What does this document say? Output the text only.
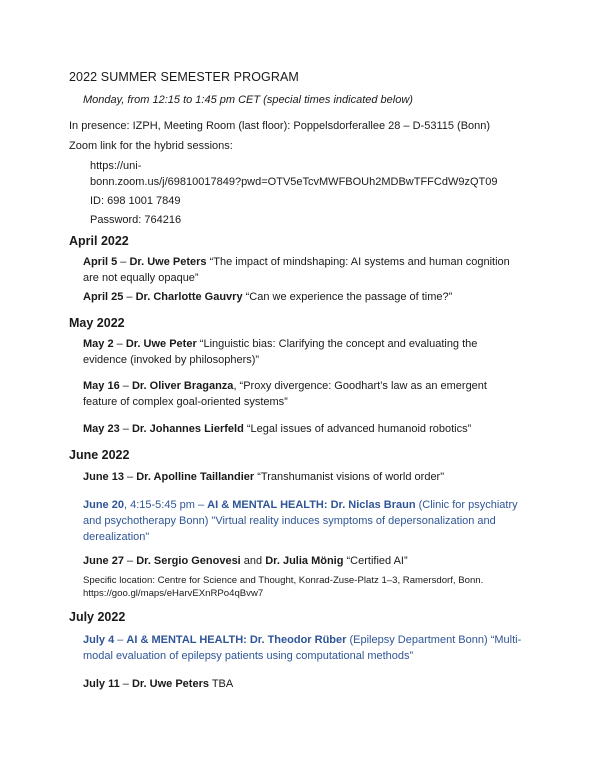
2022 SUMMER SEMESTER PROGRAM

Monday, from 12:15 to 1:45 pm CET (special times indicated below)

In presence: IZPH, Meeting Room (last floor): Poppelsdorferallee 28 – D-53115 (Bonn)

Zoom link for the hybrid sessions:

https://uni-

bonn.zoom.us/j/69810017849?pwd=OTV5eTcvMWFBOUh2MDBwTFFCdW9zQT09

ID: 698 1001 7849

Password: 764216

April 2022

April 5 – Dr. Uwe Peters “The impact of mindshaping: AI systems and human cognition are not equally opaque”

April 25 – Dr. Charlotte Gauvry “Can we experience the passage of time?”

May 2022

May 2 – Dr. Uwe Peter “Linguistic bias: Clarifying the concept and evaluating the evidence (invoked by philosophers)”

May 16 – Dr. Oliver Braganza, “Proxy divergence: Goodhart’s law as an emergent feature of complex goal-oriented systems”

May 23 – Dr. Johannes Lierfeld “Legal issues of advanced humanoid robotics”

June 2022

June 13 – Dr. Apolline Taillandier “Transhumanist visions of world order"

June 20, 4:15-5:45 pm – AI & MENTAL HEALTH: Dr. Niclas Braun (Clinic for psychiatry and psychotherapy Bonn) "Virtual reality induces symptoms of depersonalization and derealization"

June 27 – Dr. Sergio Genovesi and Dr. Julia Mönig “Certified AI”

Specific location: Centre for Science and Thought, Konrad-Zuse-Platz 1–3, Ramersdorf, Bonn.

https://goo.gl/maps/eHarvEXnRPo4qBvw7

July 2022

July 4 – AI & MENTAL HEALTH: Dr. Theodor Rüber (Epilepsy Department Bonn) “Multi-modal evaluation of epilepsy patients using computational methods”

July 11 – Dr. Uwe Peters TBA
